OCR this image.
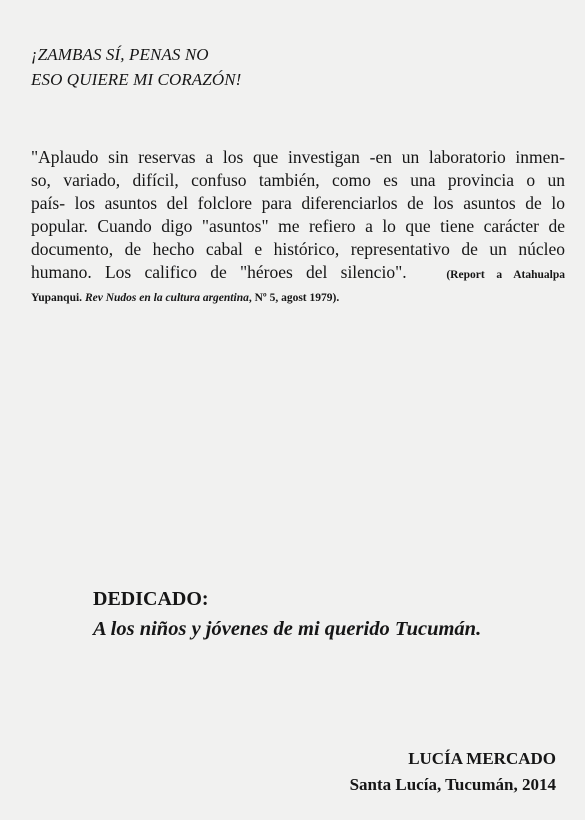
¡ZAMBAS SÍ, PENAS NO
ESO QUIERE MI CORAZÓN!
"Aplaudo sin reservas a los que investigan -en un laboratorio inmen-
so, variado, difícil, confuso también, como es una provincia o un
país- los asuntos del folclore para diferenciarlos de los asuntos de lo
popular. Cuando digo "asuntos" me refiero a lo que tiene carácter de
documento, de hecho cabal e histórico, representativo de un núcleo
humano. Los califico de "héroes del silencio".	(Report a Atahualpa
Yupanqui. Rev Nudos en la cultura argentina, Nº 5, agost 1979).
DEDICADO:
A los niños y jóvenes de mi querido Tucumán.
LUCÍA MERCADO
Santa Lucía, Tucumán, 2014
